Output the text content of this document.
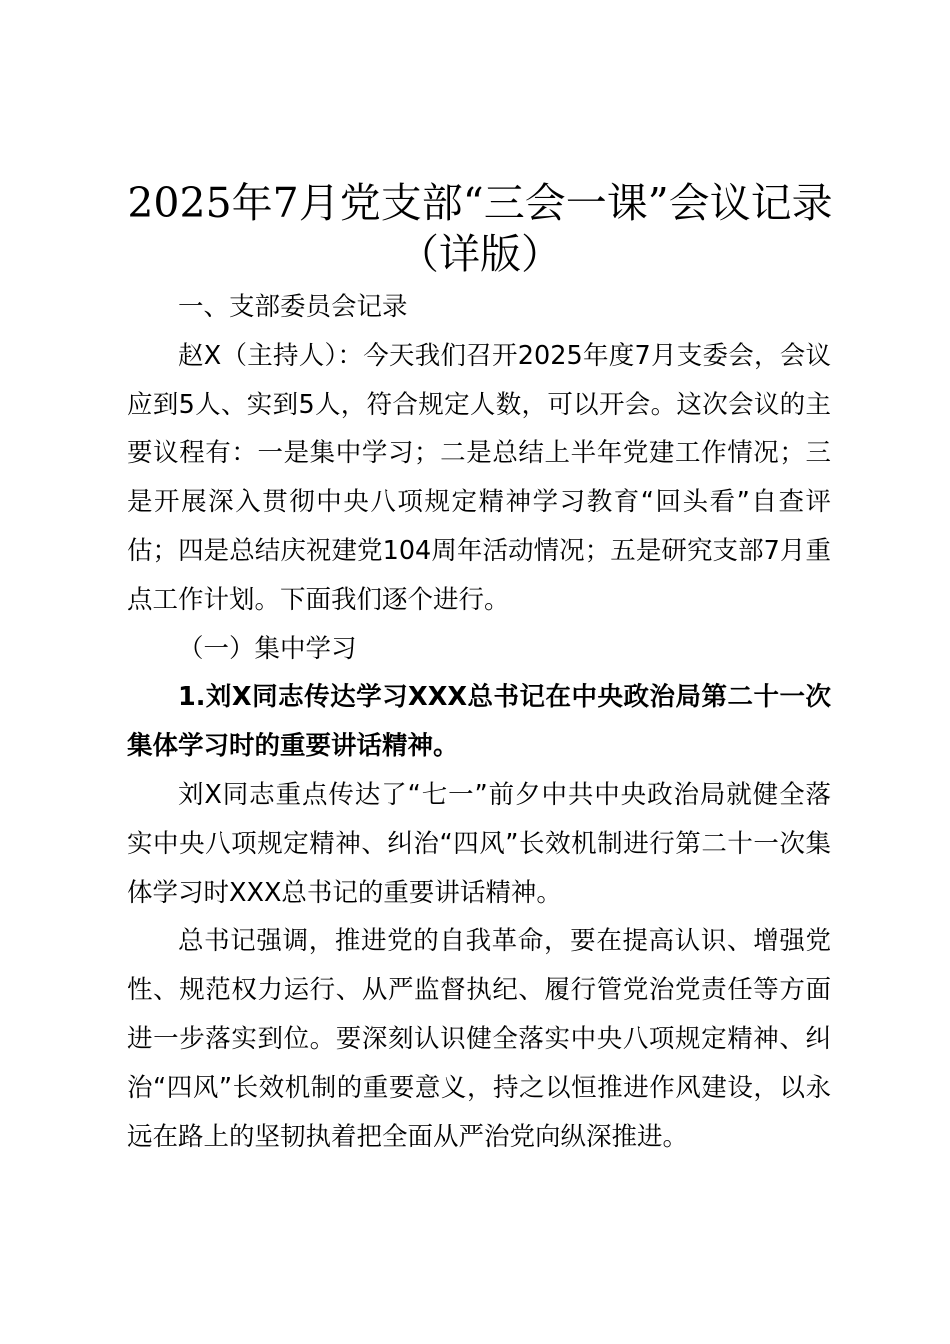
2025年7月党支部“三会一课”会议记录（详版）

一、支部委员会记录

赵X（主持人）：今天我们召开2025年度7月支委会，会议应到5人、实到5人，符合规定人数，可以开会。这次会议的主要议程有：一是集中学习；二是总结上半年党建工作情况；三是开展深入贯彻中央八项规定精神学习教育“回头看”自查评估；四是总结庆祝建党104周年活动情况；五是研究支部7月重点工作计划。下面我们逐个进行。

（一）集中学习

1.刘X同志传达学习XXX总书记在中央政治局第二十一次集体学习时的重要讲话精神。

刘X同志重点传达了“七一”前夕中共中央政治局就健全落实中央八项规定精神、纠治“四风”长效机制进行第二十一次集体学习时XXX总书记的重要讲话精神。

总书记强调，推进党的自我革命，要在提高认识、增强党性、规范权力运行、从严监督执纪、履行管党治党责任等方面进一步落实到位。要深刻认识健全落实中央八项规定精神、纠治“四风”长效机制的重要意义，持之以恒推进作风建设，以永远在路上的坚韧执着把全面从严治党向纵深推进。
